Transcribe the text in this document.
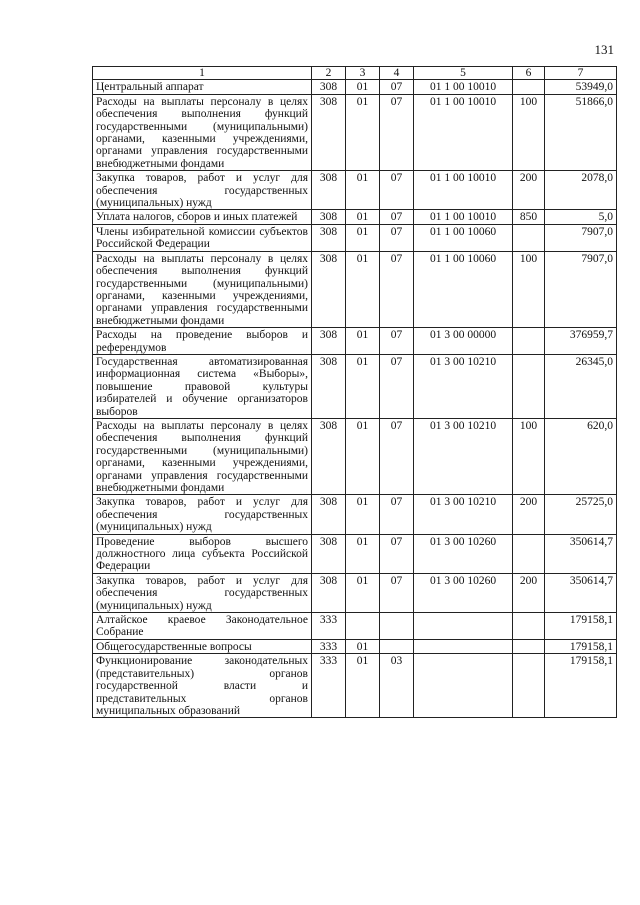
131
1	2	3	4	5	6	7
Центральный аппарат	308	01	07	01 1 00 10010		53949,0
Расходы на выплаты персоналу в целях обеспечения выполнения функций государственными (муниципальными) органами, казенными учреждениями, органами управления государственными внебюджетными фондами	308	01	07	01 1 00 10010	100	51866,0
Закупка товаров, работ и услуг для обеспечения государственных (муниципальных) нужд	308	01	07	01 1 00 10010	200	2078,0
Уплата налогов, сборов и иных платежей	308	01	07	01 1 00 10010	850	5,0
Члены избирательной комиссии субъектов Российской Федерации	308	01	07	01 1 00 10060		7907,0
Расходы на выплаты персоналу в целях обеспечения выполнения функций государственными (муниципальными) органами, казенными учреждениями, органами управления государственными внебюджетными фондами	308	01	07	01 1 00 10060	100	7907,0
Расходы на проведение выборов и референдумов	308	01	07	01 3 00 00000		376959,7
Государственная автоматизированная информационная система «Выборы», повышение правовой культуры избирателей и обучение организаторов выборов	308	01	07	01 3 00 10210		26345,0
Расходы на выплаты персоналу в целях обеспечения выполнения функций государственными (муниципальными) органами, казенными учреждениями, органами управления государственными внебюджетными фондами	308	01	07	01 3 00 10210	100	620,0
Закупка товаров, работ и услуг для обеспечения государственных (муниципальных) нужд	308	01	07	01 3 00 10210	200	25725,0
Проведение выборов высшего должностного лица субъекта Российской Федерации	308	01	07	01 3 00 10260		350614,7
Закупка товаров, работ и услуг для обеспечения государственных (муниципальных) нужд	308	01	07	01 3 00 10260	200	350614,7
Алтайское краевое Законодательное Собрание	333					179158,1
Общегосударственные вопросы	333	01				179158,1
Функционирование законодательных (представительных) органов государственной власти и представительных органов муниципальных образований	333	01	03			179158,1
